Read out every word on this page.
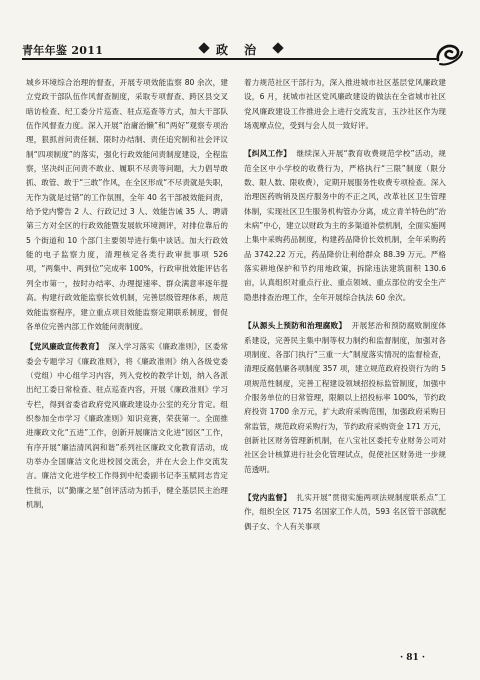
青年年鉴 2011	政 治

城乡环境综合治理的督查，开展专项效能监察 80 余次，建立党政干部队伍作风督查制度，采取专项督查、跨区县交叉暗访检查、纪工委分片巡查、驻点巡查等方式，加大干部队伍作风督查力度。深入开展“治庸治懒”和“两好”观察专项治理，狠抓首问责任制、限时办结制、责任追究制和社会评议制“四项制度”的落实，强化行政效能问责制度建设，全程监察，坚决纠正问责不敢业、履职不尽责等问题，大力倡导敢抓、敢管、敢于“三敢”作风，在全区形成“不尽责就是失职，无作为就是过错”的工作氛围，全年 40 名干部被效能问责，给予党内警告 2 人、行政记过 3 人、效能告诫 35 人、聘请第三方对全区的行政效能暨发展软环境测评，对排位靠后的 5 个街道和 10 个部门主要领导进行集中谈话。加大行政效能的电子监察力度，清理核定各类行政审批事项 526 项，“两集中、两到位”完成率 100%，行政审批效能评估名列全市第一，按时办结率、办理提速率、群众满意率逐年提高。构建行政效能监察长效机制，完善层级管理体系，规范效能监察程序，建立重点项目效能监察定期联系制度，督促各单位完善内部工作效能问责制度。

【党风廉政宣传教育】 深入学习落实《廉政准则》，区委常委会专题学习《廉政准则》，将《廉政准则》纳入各级党委（党组）中心组学习内容，列入党校的教学计划，纳入各派出纪工委日常检查、驻点巡查内容，开展《廉政准则》学习专栏，得到省委省政府党风廉政建设办公室的充分肯定。组织参加全市学习《廉政准则》知识竞赛，荣获第一。全面推进廉政文化“五进”工作，创新开展廉洁文化进“园区”工作，有序开展“廉洁清风润和谐”系列社区廉政文化教育活动，成功举办全国廉洁文化进校园交流会，并在大会上作交流发言。廉洁文化进学校工作得到中纪委副书记李玉赋同志肯定性批示，以“勤廉之星”创评活动为抓手，健全基层民主治理机制，

着力规范社区干部行为，深入推进城市社区基层党风廉政建设，6 月，抚城市社区党风廉政建设的做法在全省城市社区党风廉政建设工作推进会上进行交流发言，玉沙社区作为现场观摩点位，受到与会人员一致好评。

【纠风工作】 继续深入开展“教育收费规范学校”活动，规范全区中小学校的收费行为，严格执行“三限”制度（限分数、限人数、限收费），定期开展服务性收费专项检查。深入治理医药购销及医疗服务中的不正之风，改革社区卫生管理体制，实现社区卫生服务机构管办分离，成立青羊特色的“治未病”中心，建立以财政为主的多渠道补偿机制，全面实施网上集中采购药品制度，构建药品降价长效机制，全年采购药品 3742.22 万元，药品降价让利给群众 88.39 万元。严格落实耕地保护和节约用地政策，拆除违法建筑面积 130.6 亩，认真组织对重点行业、重点领域、重点部位的安全生产隐患排查治理工作，全年开展综合执法 60 余次。

【从源头上预防和治理腐败】 开展惩治和预防腐败制度体系建设，完善民主集中制等权力制约和监督制度，加强对各项制度、各部门执行“三重一大”制度落实情况的监督检查，清理反腐倡廉各项制度 357 项，建立规范政府投资行为的 5 项规范性制度，完善工程建设领域招投标监管制度，加强中介服务单位的日常管理，限额以上招投标率 100%，节约政府投资 1700 余万元，扩大政府采购范围，加强政府采购日常监管，规范政府采购行为，节约政府采购资金 171 万元，创新社区财务管理新机制，在八宝社区委托专业财务公司对社区会计核算进行社会化管理试点，促使社区财务进一步规范透明。

【党内监督】 扎实开展“贯彻实施两项法规制度联系点”工作，组织全区 7175 名国家工作人员，593 名区管干部就配偶子女、个人有关事项

· 81 ·
